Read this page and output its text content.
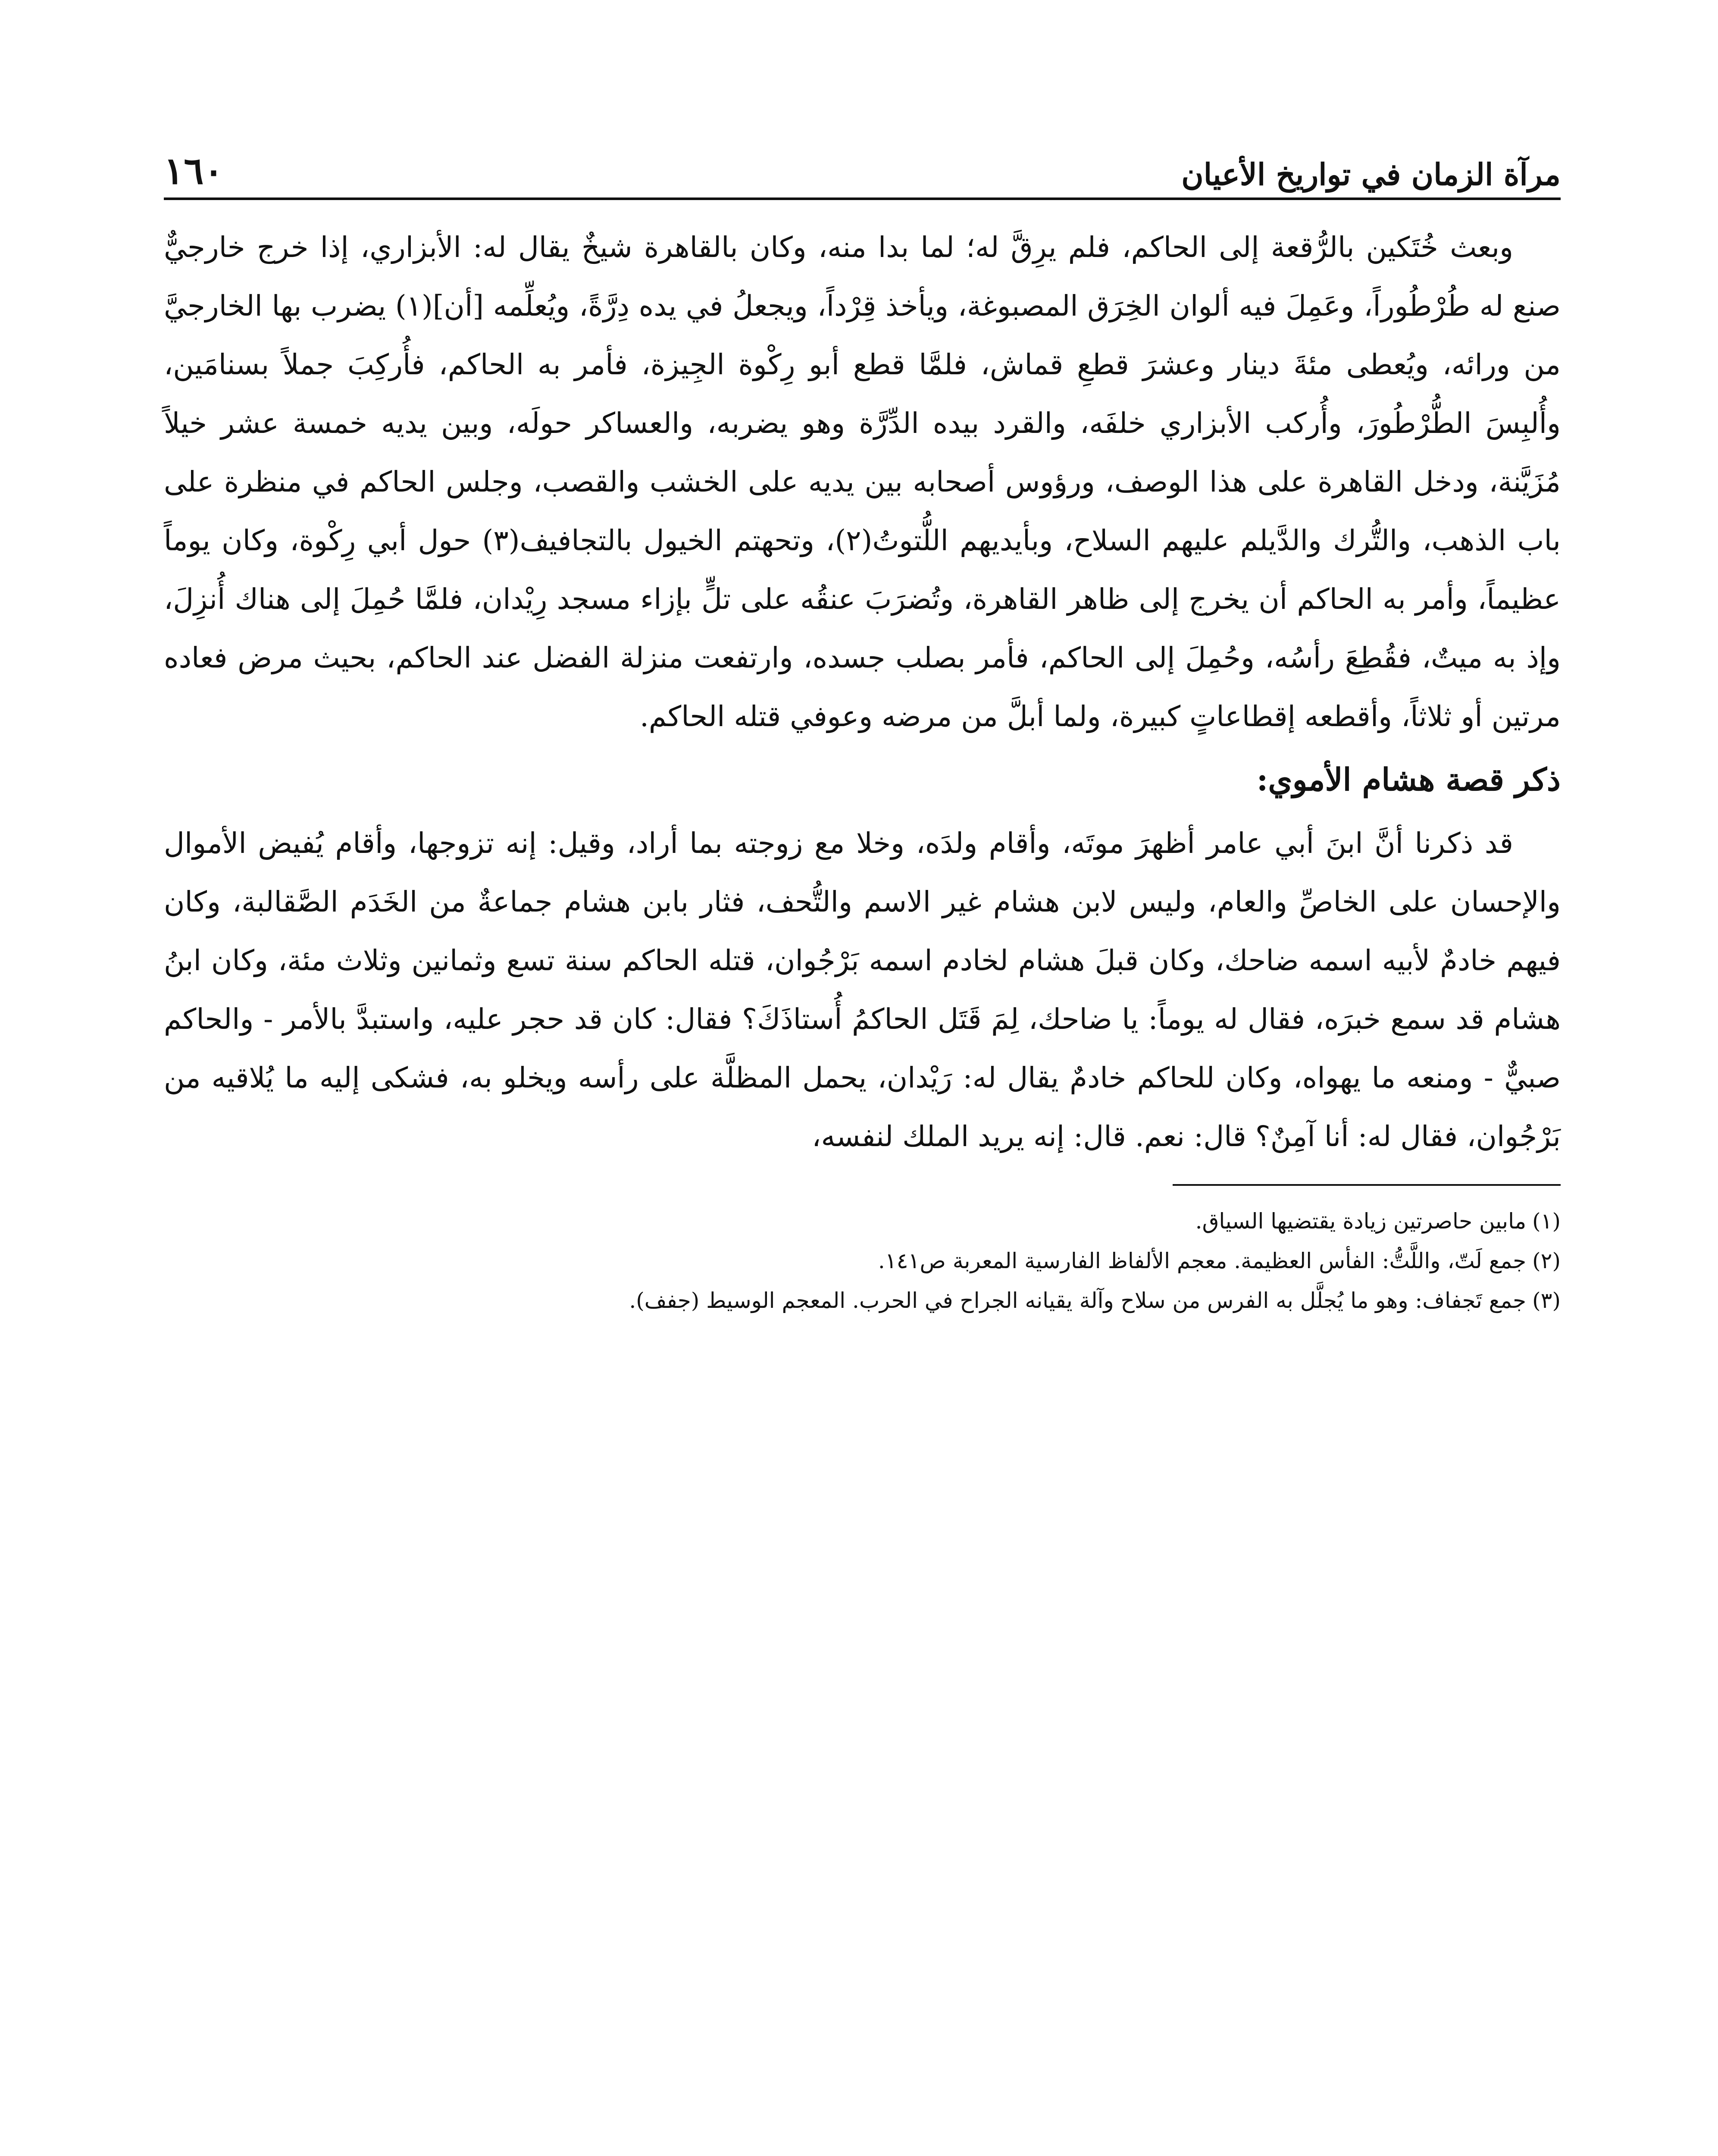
١٦٠	مرآة الزمان في تواريخ الأعيان

وبعث خُتَكين بالرُّقعة إلى الحاكم، فلم يرِقَّ له؛ لما بدا منه، وكان بالقاهرة شيخٌ يقال له: الأبزاري، إذا خرج خارجيٌّ صنع له طُرْطُوراً، وعَمِلَ فيه ألوان الخِرَق المصبوغة، ويأخذ قِرْداً، ويجعلُ في يده دِرَّةً، ويُعلِّمه [أن](١) يضرب بها الخارجيَّ من ورائه، ويُعطى مئةَ دينار وعشرَ قطعِ قماش، فلمَّا قطع أبو رِكْوة الجِيزة، فأمر به الحاكم، فأُركِبَ جملاً بسنامَين، وأُلبِسَ الطُّرْطُورَ، وأُركب الأبزاري خلفَه، والقرد بيده الدِّرَّة وهو يضربه، والعساكر حولَه، وبين يديه خمسة عشر خيلاً مُزَيَّنة، ودخل القاهرة على هذا الوصف، ورؤوس أصحابه بين يديه على الخشب والقصب، وجلس الحاكم في منظرة على باب الذهب، والتُّرك والدَّيلم عليهم السلاح، وبأيديهم اللُّتوتُ(٢)، وتحهتم الخيول بالتجافيف(٣) حول أبي رِكْوة، وكان يوماً عظيماً، وأمر به الحاكم أن يخرج إلى ظاهر القاهرة، وتُضرَبَ عنقُه على تلٍّ بإزاء مسجد رِيْدان، فلمَّا حُمِلَ إلى هناك أُنزِلَ، وإذ به ميتٌ، فقُطِعَ رأسُه، وحُمِلَ إلى الحاكم، فأمر بصلب جسده، وارتفعت منزلة الفضل عند الحاكم، بحيث مرض فعاده مرتين أو ثلاثاً، وأقطعه إقطاعاتٍ كبيرة، ولما أبلَّ من مرضه وعوفي قتله الحاكم.

ذكر قصة هشام الأموي:

قد ذكرنا أنَّ ابنَ أبي عامر أظهرَ موتَه، وأقام ولدَه، وخلا مع زوجته بما أراد، وقيل: إنه تزوجها، وأقام يُفيض الأموال والإحسان على الخاصِّ والعام، وليس لابن هشام غير الاسم والتُّحف، فثار بابن هشام جماعةٌ من الخَدَم الصَّقالبة، وكان فيهم خادمٌ لأبيه اسمه ضاحك، وكان قبلَ هشام لخادم اسمه بَرْجُوان، قتله الحاكم سنة تسع وثمانين وثلاث مئة، وكان ابنُ هشام قد سمع خبرَه، فقال له يوماً: يا ضاحك، لِمَ قَتَل الحاكمُ أُستاذَكَ؟ فقال: كان قد حجر عليه، واستبدَّ بالأمر - والحاكم صبيٌّ - ومنعه ما يهواه، وكان للحاكم خادمٌ يقال له: رَيْدان، يحمل المظلَّة على رأسه ويخلو به، فشكى إليه ما يُلاقيه من بَرْجُوان، فقال له: أنا آمِنٌ؟ قال: نعم. قال: إنه يريد الملك لنفسه،

(١)مابين حاصرتين زيادة يقتضيها السياق.

(٢)جمع لَتّ، واللَّتُّ: الفأس العظيمة. معجم الألفاظ الفارسية المعربة ص١٤١.

(٣)جمع تَجفاف: وهو ما يُجلَّل به الفرس من سلاح وآلة يقيانه الجراح في الحرب. المعجم الوسيط (جفف).
